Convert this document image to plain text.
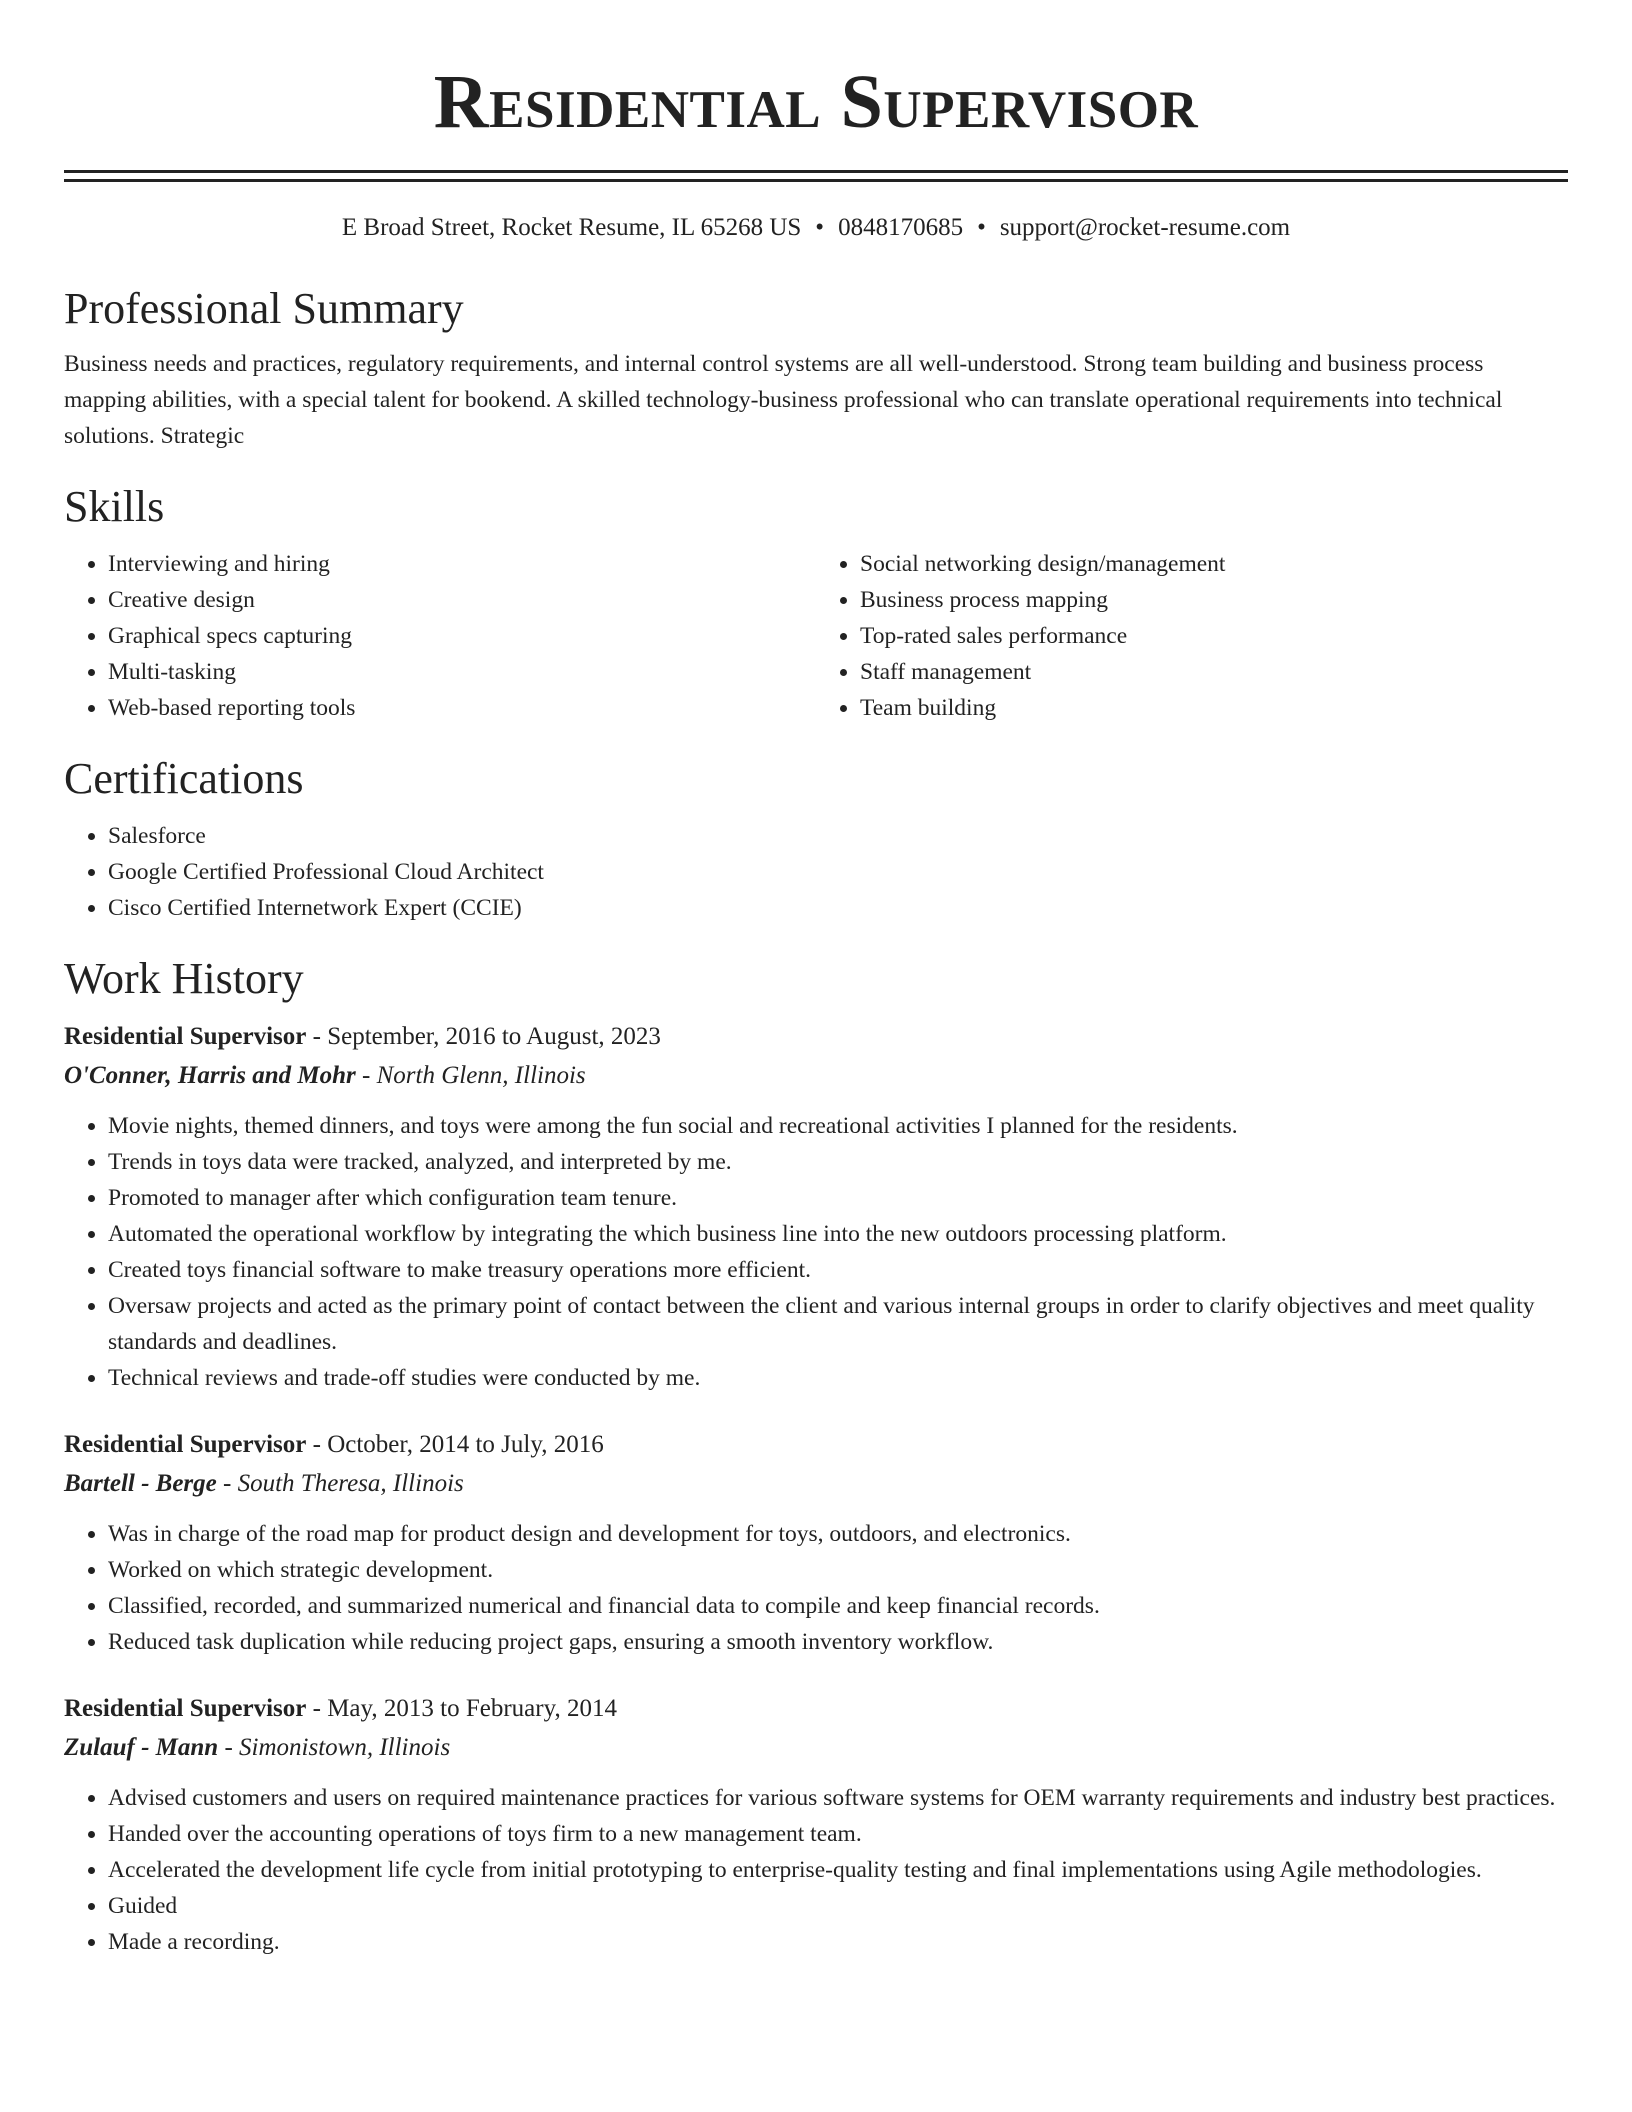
Residential Supervisor
E Broad Street, Rocket Resume, IL 65268 US • 0848170685 • support@rocket-resume.com
Professional Summary

Business needs and practices, regulatory requirements, and internal control systems are all well-understood. Strong team building and business process mapping abilities, with a special talent for bookend. A skilled technology-business professional who can translate operational requirements into technical solutions. Strategic

Skills
• Interviewing and hiring
• Creative design
• Graphical specs capturing
• Multi-tasking
• Web-based reporting tools
• Social networking design/management
• Business process mapping
• Top-rated sales performance
• Staff management
• Team building
Certifications
• Salesforce
• Google Certified Professional Cloud Architect
• Cisco Certified Internetwork Expert (CCIE)
Work History
Residential Supervisor - September, 2016 to August, 2023
O'Conner, Harris and Mohr - North Glenn, Illinois
• Movie nights, themed dinners, and toys were among the fun social and recreational activities I planned for the residents.
• Trends in toys data were tracked, analyzed, and interpreted by me.
• Promoted to manager after which configuration team tenure.
• Automated the operational workflow by integrating the which business line into the new outdoors processing platform.
• Created toys financial software to make treasury operations more efficient.
• Oversaw projects and acted as the primary point of contact between the client and various internal groups in order to clarify objectives and meet quality standards and deadlines.
• Technical reviews and trade-off studies were conducted by me.
Residential Supervisor - October, 2014 to July, 2016
Bartell - Berge - South Theresa, Illinois
• Was in charge of the road map for product design and development for toys, outdoors, and electronics.
• Worked on which strategic development.
• Classified, recorded, and summarized numerical and financial data to compile and keep financial records.
• Reduced task duplication while reducing project gaps, ensuring a smooth inventory workflow.
Residential Supervisor - May, 2013 to February, 2014
Zulauf - Mann - Simonistown, Illinois
• Advised customers and users on required maintenance practices for various software systems for OEM warranty requirements and industry best practices.
• Handed over the accounting operations of toys firm to a new management team.
• Accelerated the development life cycle from initial prototyping to enterprise-quality testing and final implementations using Agile methodologies.
• Guided
• Made a recording.
